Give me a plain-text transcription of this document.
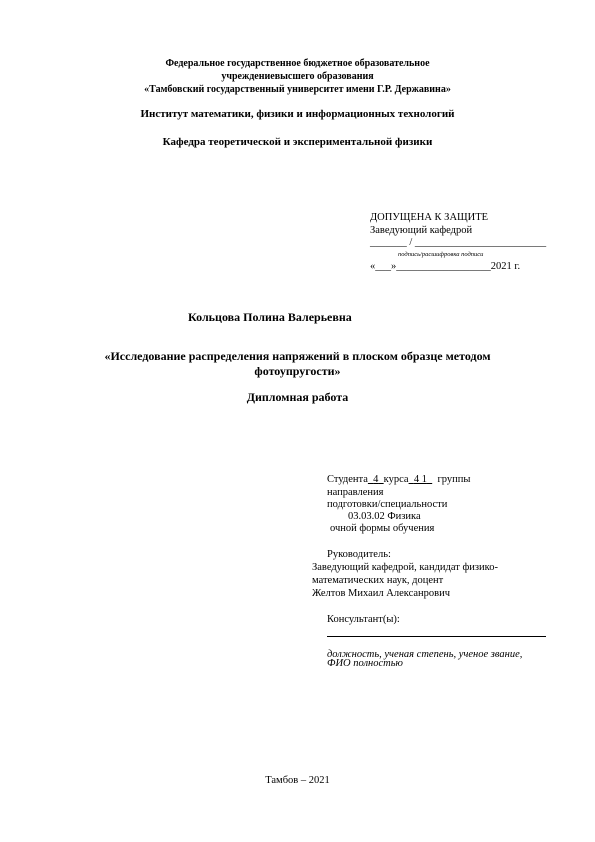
Федеральное государственное бюджетное образовательное
учреждениевысшего образования
«Тамбовский государственный университет имени Г.Р. Державина»
Институт математики, физики и информационных технологий
Кафедра теоретической и экспериментальной физики
ДОПУЩЕНА К ЗАЩИТЕ
Заведующий кафедрой
_______ / _________________________
подпись/расшифровка подписи
«___»__________________2021 г.
Кольцова Полина Валерьевна
«Исследование распределения напряжений в плоском образце методом
фотоупругости»
Дипломная работа
Студента 4 курса 4 1 группы
направления
подготовки/специальности
03.03.02 Физика
очной формы обучения
Руководитель:
Заведующий кафедрой, кандидат физико-
математических наук, доцент
Желтов Михаил Алексанрович
Консультант(ы):
должность, ученая степень, ученое звание,
ФИО полностью
Тамбов – 2021
